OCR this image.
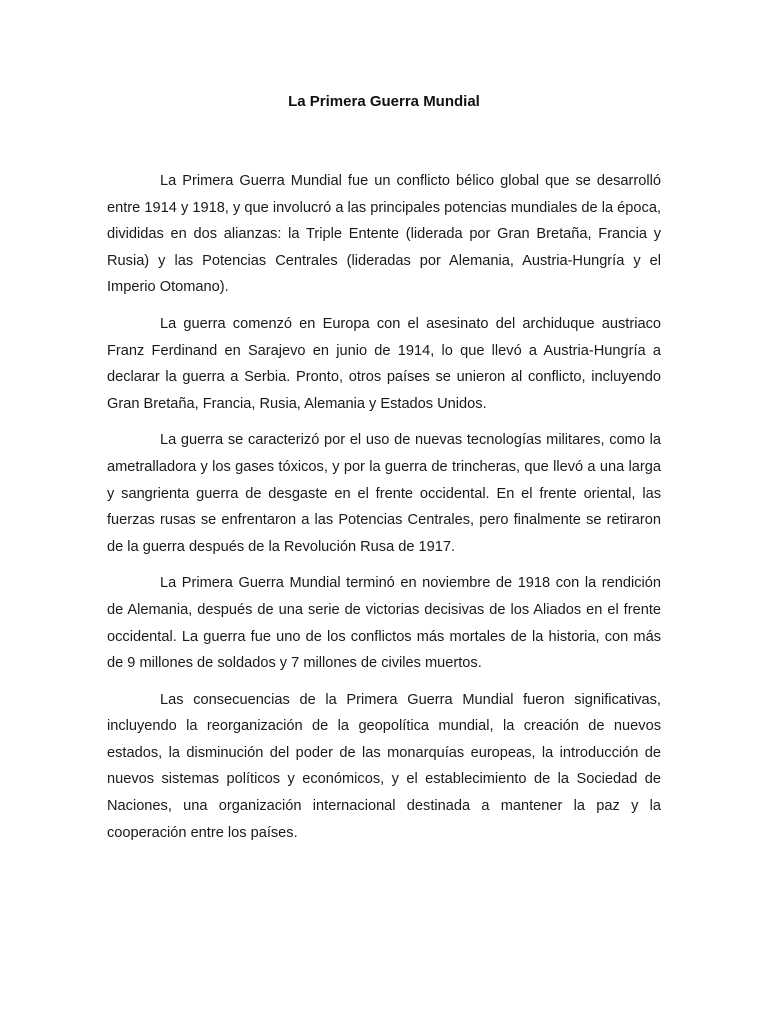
La Primera Guerra Mundial

La Primera Guerra Mundial fue un conflicto bélico global que se desarrolló entre 1914 y 1918, y que involucró a las principales potencias mundiales de la época, divididas en dos alianzas: la Triple Entente (liderada por Gran Bretaña, Francia y Rusia) y las Potencias Centrales (lideradas por Alemania, Austria-Hungría y el Imperio Otomano).

La guerra comenzó en Europa con el asesinato del archiduque austriaco Franz Ferdinand en Sarajevo en junio de 1914, lo que llevó a Austria-Hungría a declarar la guerra a Serbia. Pronto, otros países se unieron al conflicto, incluyendo Gran Bretaña, Francia, Rusia, Alemania y Estados Unidos.

La guerra se caracterizó por el uso de nuevas tecnologías militares, como la ametralladora y los gases tóxicos, y por la guerra de trincheras, que llevó a una larga y sangrienta guerra de desgaste en el frente occidental. En el frente oriental, las fuerzas rusas se enfrentaron a las Potencias Centrales, pero finalmente se retiraron de la guerra después de la Revolución Rusa de 1917.

La Primera Guerra Mundial terminó en noviembre de 1918 con la rendición de Alemania, después de una serie de victorias decisivas de los Aliados en el frente occidental. La guerra fue uno de los conflictos más mortales de la historia, con más de 9 millones de soldados y 7 millones de civiles muertos.

Las consecuencias de la Primera Guerra Mundial fueron significativas, incluyendo la reorganización de la geopolítica mundial, la creación de nuevos estados, la disminución del poder de las monarquías europeas, la introducción de nuevos sistemas políticos y económicos, y el establecimiento de la Sociedad de Naciones, una organización internacional destinada a mantener la paz y la cooperación entre los países.
